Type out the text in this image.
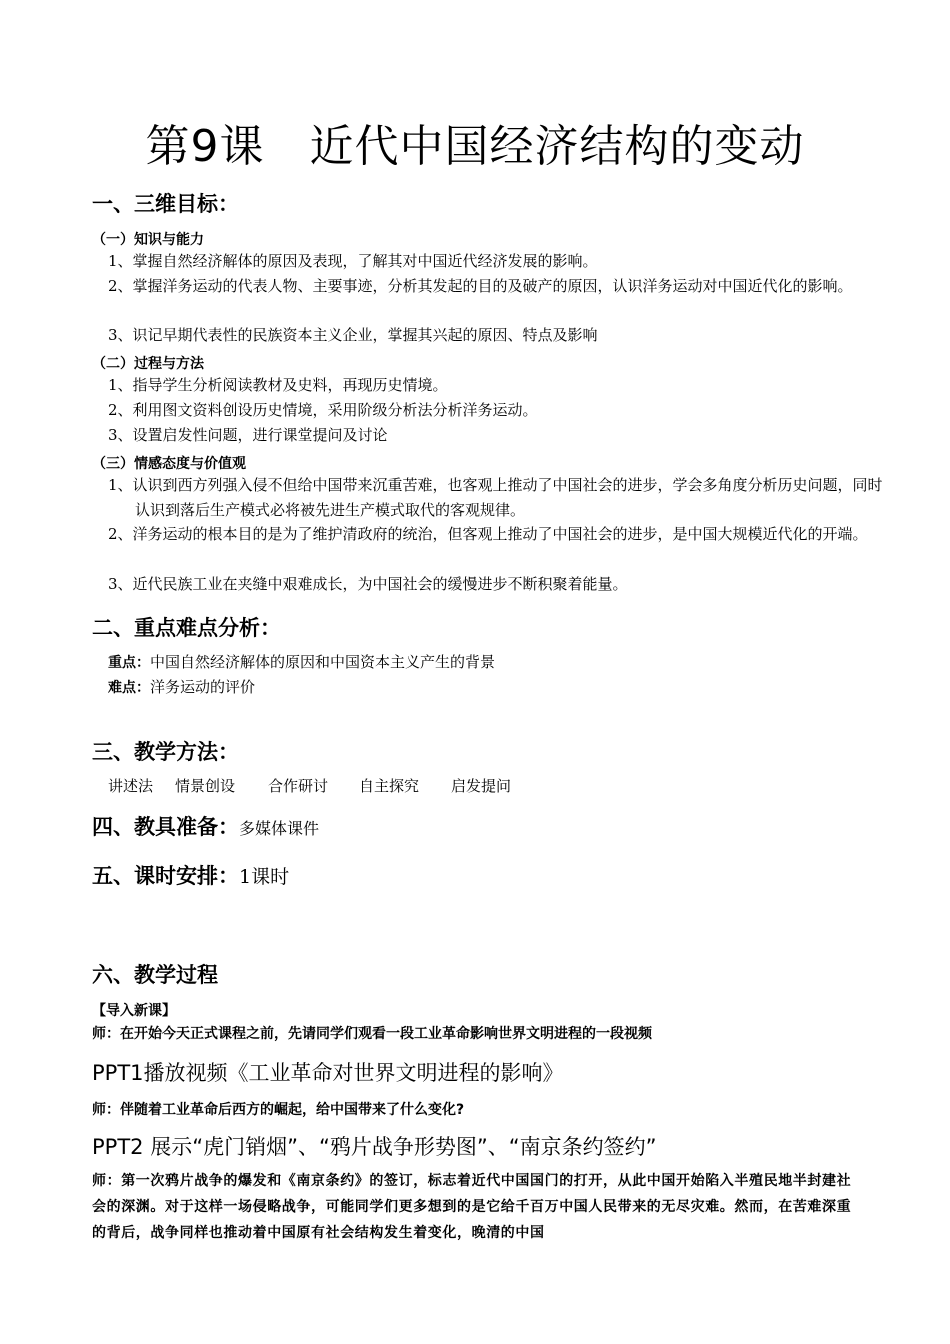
第9课　近代中国经济结构的变动
一、三维目标：
（一）知识与能力
1、掌握自然经济解体的原因及表现，了解其对中国近代经济发展的影响。
2、掌握洋务运动的代表人物、主要事迹，分析其发起的目的及破产的原因，认识洋务运动对中国近代化的影响。
3、识记早期代表性的民族资本主义企业，掌握其兴起的原因、特点及影响
（二）过程与方法
1、指导学生分析阅读教材及史料，再现历史情境。
2、利用图文资料创设历史情境，采用阶级分析法分析洋务运动。
3、设置启发性问题，进行课堂提问及讨论
（三）情感态度与价值观
1、认识到西方列强入侵不但给中国带来沉重苦难，也客观上推动了中国社会的进步，学会多角度分析历史问题，同时认识到落后生产模式必将被先进生产模式取代的客观规律。
2、洋务运动的根本目的是为了维护清政府的统治，但客观上推动了中国社会的进步，是中国大规模近代化的开端。
3、近代民族工业在夹缝中艰难成长，为中国社会的缓慢进步不断积聚着能量。
二、重点难点分析：
重点：中国自然经济解体的原因和中国资本主义产生的背景
难点：洋务运动的评价
三、教学方法：
讲述法 情景创设 合作研讨 自主探究 启发提问
四、教具准备：多媒体课件
五、课时安排：1课时
六、教学过程
【导入新课】
师：在开始今天正式课程之前，先请同学们观看一段工业革命影响世界文明进程的一段视频
PPT1播放视频《工业革命对世界文明进程的影响》
师：伴随着工业革命后西方的崛起，给中国带来了什么变化?
PPT2 展示“虎门销烟”、“鸦片战争形势图”、“南京条约签约”
师：第一次鸦片战争的爆发和《南京条约》的签订，标志着近代中国国门的打开，从此中国开始陷入半殖民地半封建社会的深渊。对于这样一场侵略战争，可能同学们更多想到的是它给千百万中国人民带来的无尽灾难。然而，在苦难深重的背后，战争同样也推动着中国原有社会结构发生着变化，晚清的中国
